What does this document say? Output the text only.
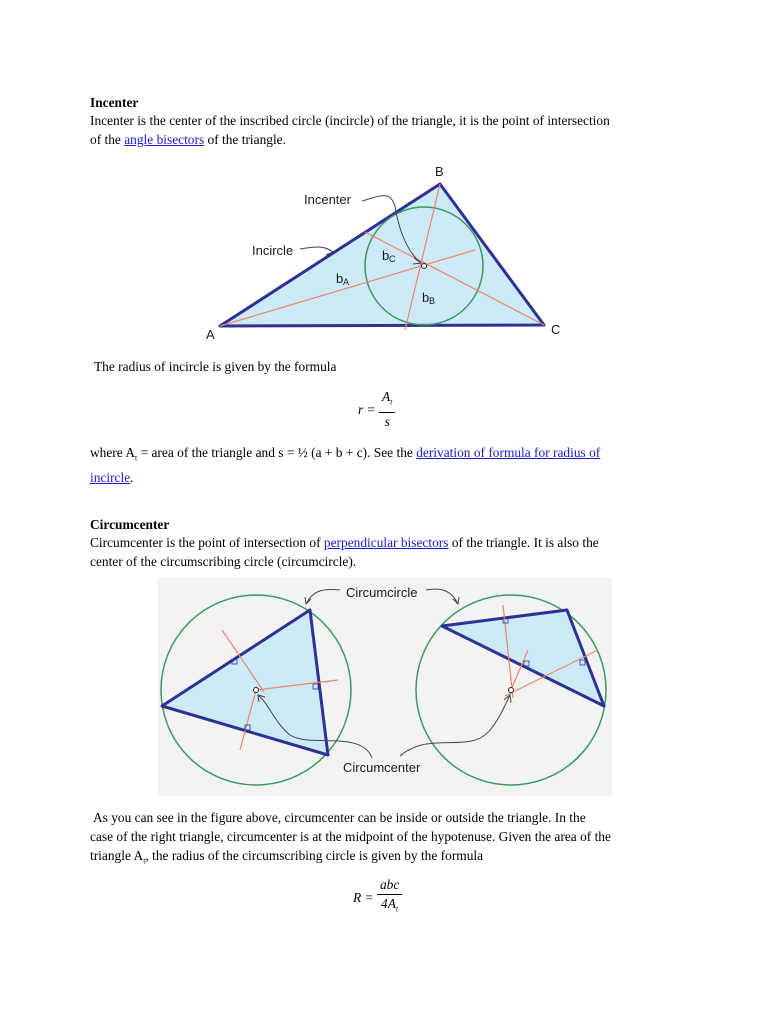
Incenter
Incenter is the center of the inscribed circle (incircle) of the triangle, it is the point of intersection
of the angle bisectors of the triangle.
Incenter
Incircle
A
B
C
b A
b C
b B
The radius of incircle is given by the formula
$r = \frac{A_t}{s}$
where $A_t$ = area of the triangle and s = ½ (a + b + c). See the derivation of formula for radius of
incircle.
Circumcenter
Circumcenter is the point of intersection of perpendicular bisectors of the triangle. It is also the
center of the circumscribing circle (circumcircle).
Circumcircle
Circumcenter
As you can see in the figure above, circumcenter can be inside or outside the triangle. In the
case of the right triangle, circumcenter is at the midpoint of the hypotenuse. Given the area of the
triangle $A_t$, the radius of the circumscribing circle is given by the formula
$R = \frac{\text{abc}}{4A_t}$
